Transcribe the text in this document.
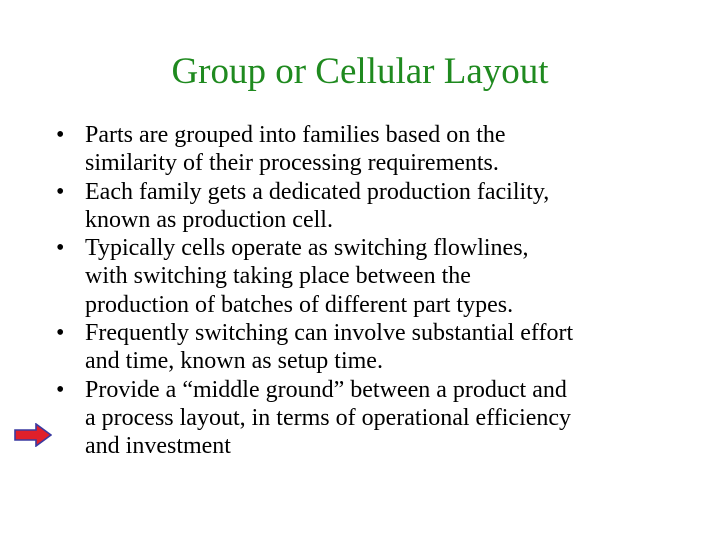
Group or Cellular Layout
• Parts are grouped into families based on the
similarity of their processing requirements.
• Each family gets a dedicated production facility,
known as production cell.
• Typically cells operate as switching flowlines,
with switching taking place between the
production of batches of different part types.
• Frequently switching can involve substantial effort
and time, known as setup time.
• Provide a “middle ground” between a product and
a process layout, in terms of operational efficiency
and investment
